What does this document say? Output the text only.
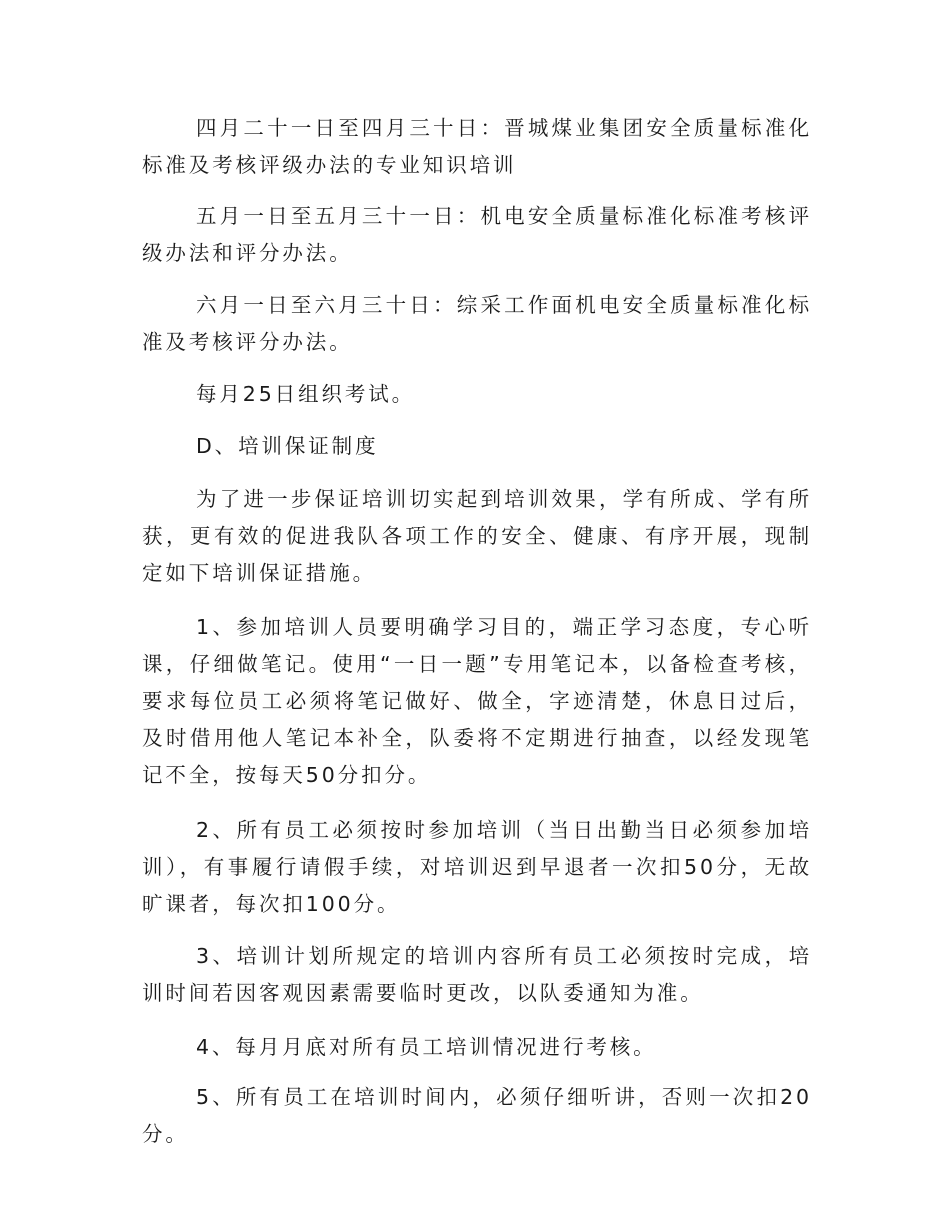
四月二十一日至四月三十日：晋城煤业集团安全质量标准化标准及考核评级办法的专业知识培训

五月一日至五月三十一日：机电安全质量标准化标准考核评级办法和评分办法。

六月一日至六月三十日：综采工作面机电安全质量标准化标准及考核评分办法。

每月25日组织考试。

D、培训保证制度

为了进一步保证培训切实起到培训效果，学有所成、学有所获，更有效的促进我队各项工作的安全、健康、有序开展，现制定如下培训保证措施。

1、参加培训人员要明确学习目的，端正学习态度，专心听课，仔细做笔记。使用“一日一题”专用笔记本，以备检查考核，要求每位员工必须将笔记做好、做全，字迹清楚，休息日过后，及时借用他人笔记本补全，队委将不定期进行抽查，以经发现笔记不全，按每天50分扣分。

2、所有员工必须按时参加培训（当日出勤当日必须参加培训），有事履行请假手续，对培训迟到早退者一次扣50分，无故旷课者，每次扣100分。

3、培训计划所规定的培训内容所有员工必须按时完成，培训时间若因客观因素需要临时更改，以队委通知为准。

4、每月月底对所有员工培训情况进行考核。

5、所有员工在培训时间内，必须仔细听讲，否则一次扣20分。
